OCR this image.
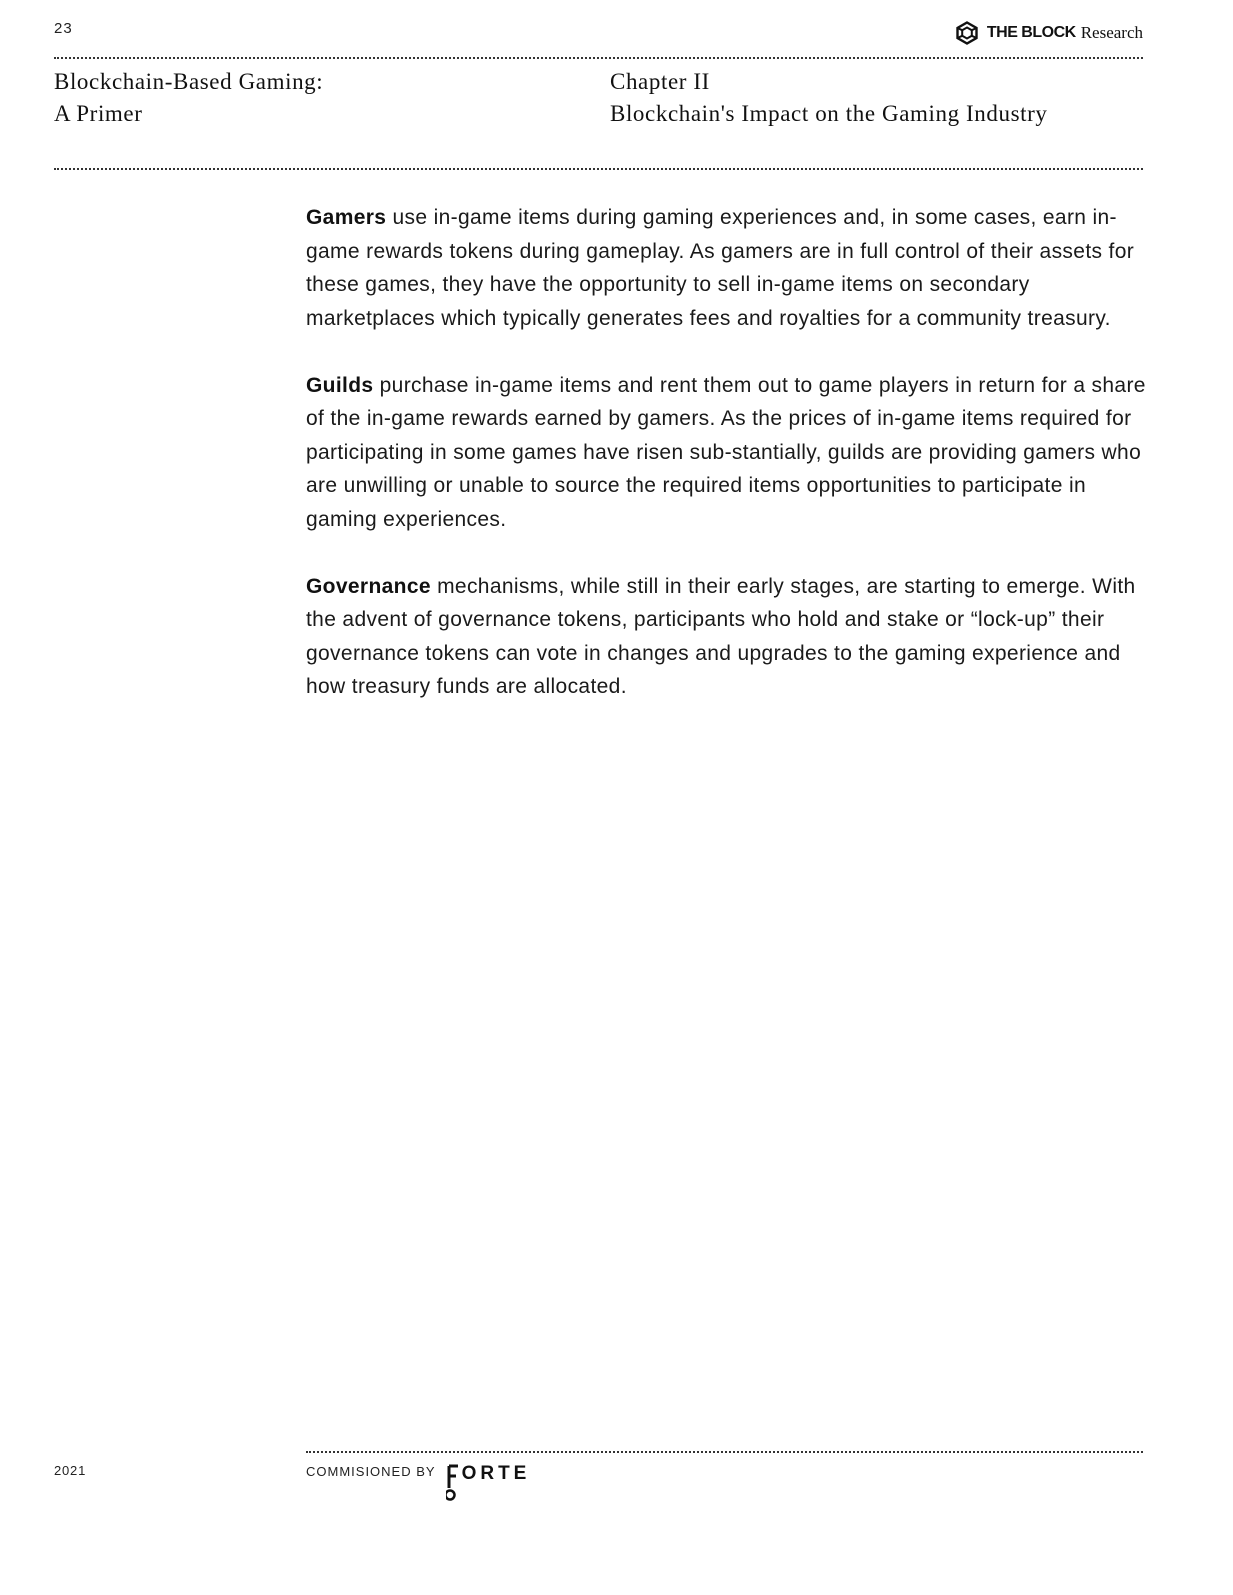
23	THE BLOCK Research
Blockchain-Based Gaming:
A Primer
Chapter II
Blockchain's Impact on the Gaming Industry

Gamers use in-game items during gaming experiences and, in some cases, earn in-game rewards tokens during gameplay. As gamers are in full control of their assets for these games, they have the opportunity to sell in-game items on secondary marketplaces which typically generates fees and royalties for a community treasury.

Guilds purchase in-game items and rent them out to game players in return for a share of the in-game rewards earned by gamers. As the prices of in-game items required for participating in some games have risen sub-stantially, guilds are providing gamers who are unwilling or unable to source the required items opportunities to participate in gaming experiences.

Governance mechanisms, while still in their early stages, are starting to emerge. With the advent of governance tokens, participants who hold and stake or “lock-up” their governance tokens can vote in changes and upgrades to the gaming experience and how treasury funds are allocated.

2021	COMMISIONED BY ORTE
